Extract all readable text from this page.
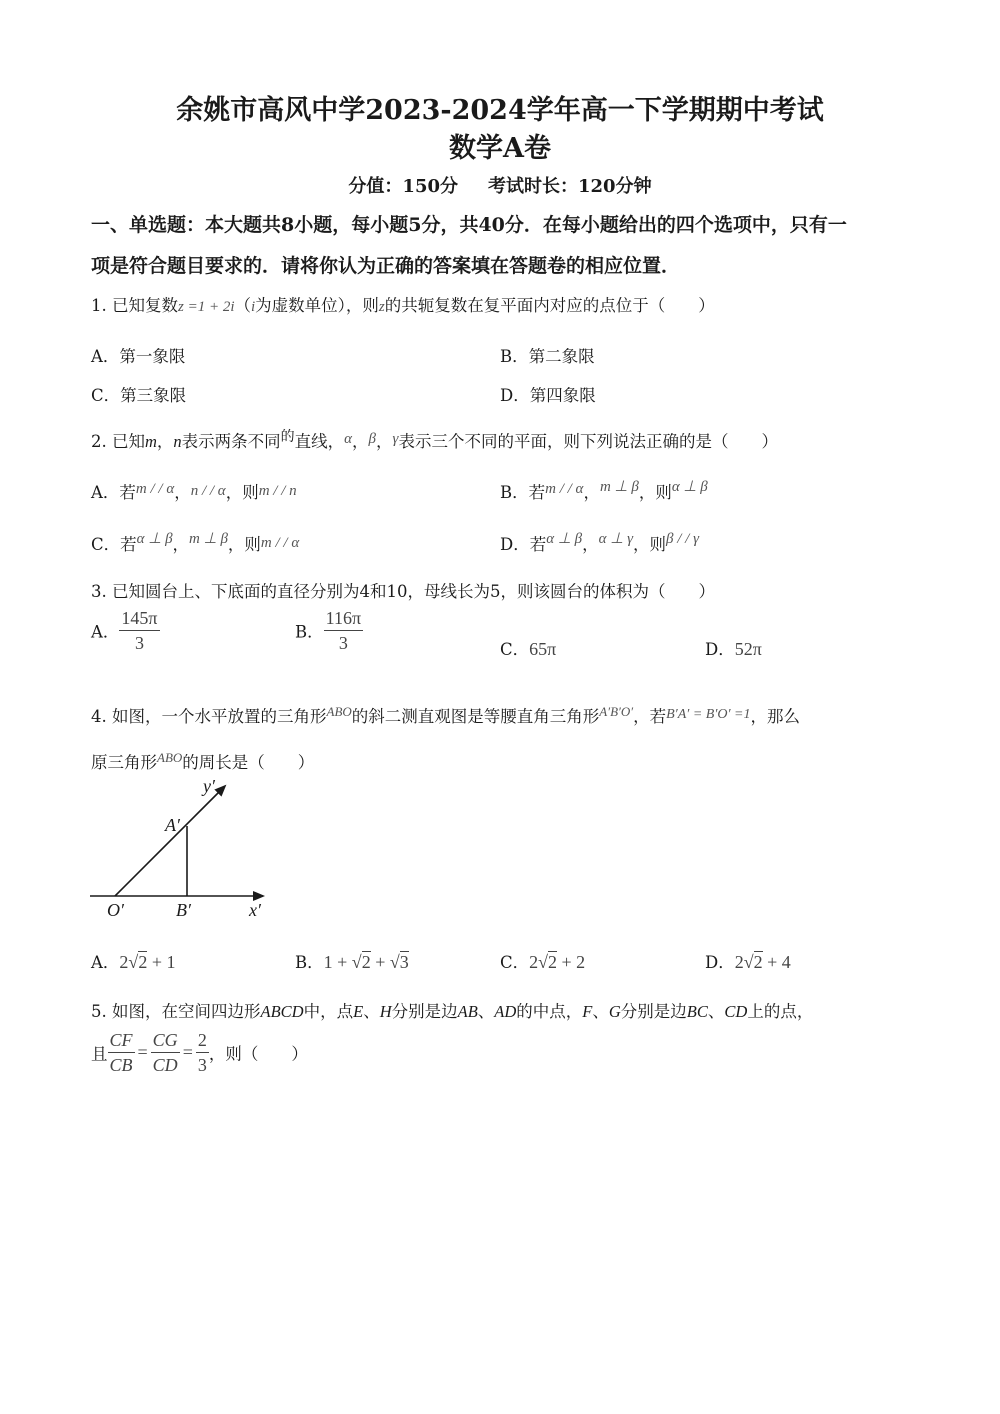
余姚市高风中学2023-2024学年高一下学期期中考试
数学A卷
分值：150分 考试时长：120分钟
一、单选题：本大题共8小题，每小题5分，共40分．在每小题给出的四个选项中，只有一
项是符合题目要求的．请将你认为正确的答案填在答题卷的相应位置．
1. 已知复数z =1 + 2i（i为虚数单位），则z的共轭复数在复平面内对应的点位于（　　）
A．第一象限	B．第二象限
C．第三象限	D．第四象限
2. 已知m，n表示两条不同$^的$直线，α，β，γ表示三个不同的平面，则下列说法正确的是（　　）
A．若m / / α，n / / α，则m / / n	B．若m / / α，m ⊥ β，则α ⊥ β
C．若α ⊥ β，m ⊥ β，则m / / α	D．若α ⊥ β，α ⊥ γ，则β / / γ
3. 已知圆台上、下底面的直径分别为4和10，母线长为5，则该圆台的体积为（　　）
A． $\frac{145\pi}{3}$	B． $\frac{116\pi}{3}$	C．65π	D．52π
4. 如图，一个水平放置的三角形$^{ABO}$的斜二测直观图是等腰直角三角形$^{A'B'O'}$，若$^{B'A' = B'O' =1}$，那么
原三角形$^{ABO}$的周长是（　　）
y′
A′
O′	B′	x′
A．2√2 + 1	B．1 + √2 + √3	C．2√2 + 2	D．2√2 + 4
5. 如图，在空间四边形ABCD中，点E、H分别是边AB、AD的中点，F、G分别是边BC、CD上的点，
且 $\frac{CF}{CB} = \frac{CG}{CD} = \frac{2}{3}$ ，则（　　）
